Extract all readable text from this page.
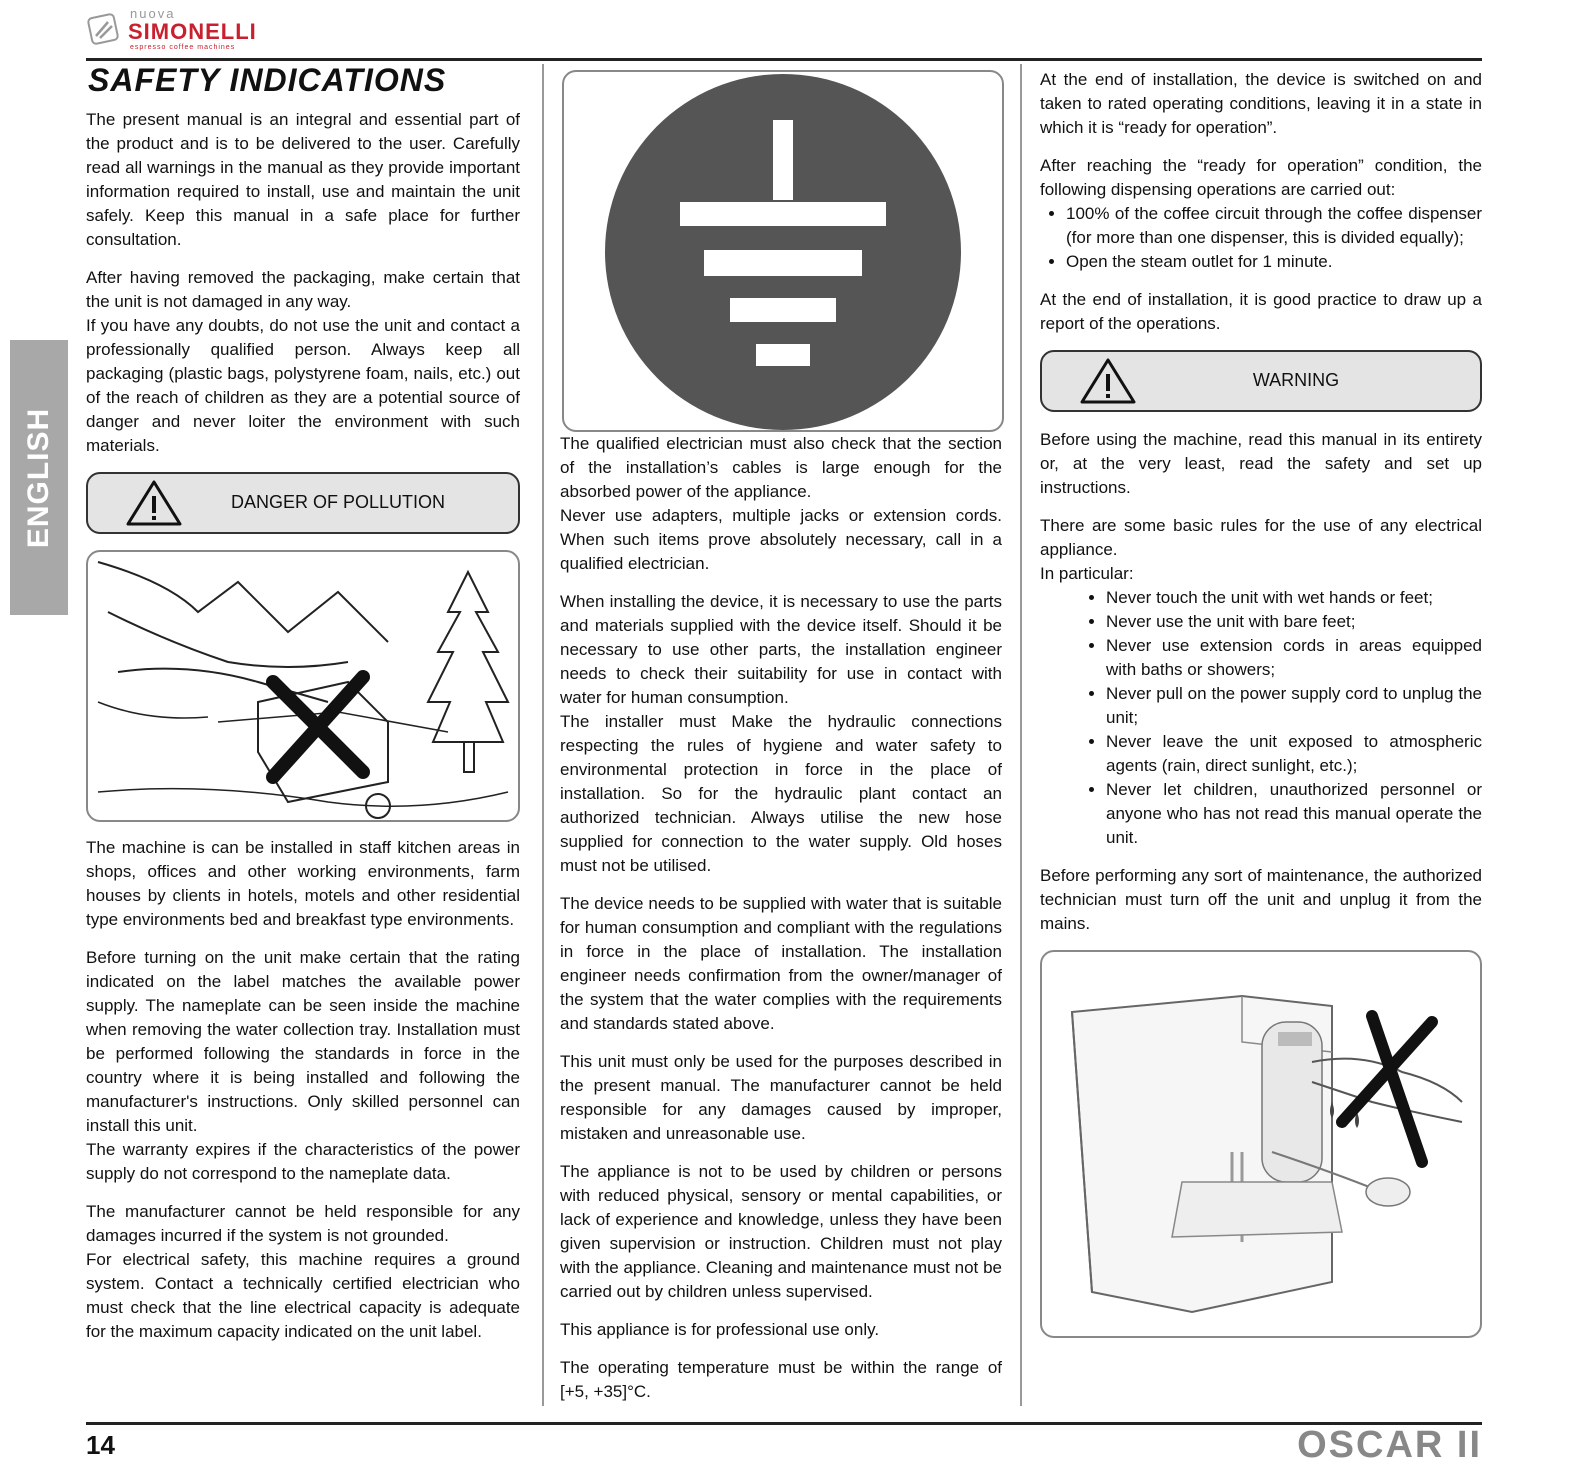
nuova
SIMONELLI
espresso coffee machines
ENGLISH
SAFETY INDICATIONS

The present manual is an integral and essential part of the product and is to be delivered to the user. Carefully read all warnings in the manual as they provide important information required to install, use and maintain the unit safely. Keep this manual in a safe place for further consultation.

After having removed the packaging, make certain that the unit is not damaged in any way.

If you have any doubts, do not use the unit and contact a professionally qualified person. Always keep all packaging (plastic bags, polystyrene foam, nails, etc.) out of the reach of children as they are a potential source of danger and never loiter the environment with such materials.

DANGER OF POLLUTION

The machine is can be installed in staff kitchen areas in shops, offices and other working environments, farm houses by clients in hotels, motels and other residential type environments bed and breakfast type environments.

Before turning on the unit make certain that the rating indicated on the label matches the available power supply. The nameplate can be seen inside the machine when removing the water collection tray. Installation must be performed following the standards in force in the country where it is being installed and following the manufacturer's instructions. Only skilled personnel can install this unit.

The warranty expires if the characteristics of the power supply do not correspond to the nameplate data.

The manufacturer cannot be held responsible for any damages incurred if the system is not grounded.

For electrical safety, this machine requires a ground system. Contact a technically certified electrician who must check that the line electrical capacity is adequate for the maximum capacity indicated on the unit label.

The qualified electrician must also check that the section of the installation’s cables is large enough for the absorbed power of the appliance.

Never use adapters, multiple jacks or extension cords. When such items prove absolutely necessary, call in a qualified electrician.

When installing the device, it is necessary to use the parts and materials supplied with the device itself. Should it be necessary to use other parts, the installation engineer needs to check their suitability for use in contact with water for human consumption.

The installer must Make the hydraulic connections respecting the rules of hygiene and water safety to environmental protection in force in the place of installation. So for the hydraulic plant contact an authorized technician. Always utilise the new hose supplied for connection to the water supply. Old hoses must not be utilised.

The device needs to be supplied with water that is suitable for human consumption and compliant with the regulations in force in the place of installation. The installation engineer needs confirmation from the owner/manager of the system that the water complies with the requirements and standards stated above.

This unit must only be used for the purposes described in the present manual. The manufacturer cannot be held responsible for any damages caused by improper, mistaken and unreasonable use.

The appliance is not to be used by children or persons with reduced physical, sensory or mental capabilities, or lack of experience and knowledge, unless they have been given supervision or instruction. Children must not play with the appliance. Cleaning and maintenance must not be carried out by children unless supervised.

This appliance is for professional use only.

The operating temperature must be within the range of [+5, +35]°C.

At the end of installation, the device is switched on and taken to rated operating conditions, leaving it in a state in which it is “ready for operation”.

After reaching the “ready for operation” condition, the following dispensing operations are carried out:

• 100% of the coffee circuit through the coffee dispenser (for more than one dispenser, this is divided equally);
• Open the steam outlet for 1 minute.

At the end of installation, it is good practice to draw up a report of the operations.

WARNING

Before using the machine, read this manual in its entirety or, at the very least, read the safety and set up instructions.

There are some basic rules for the use of any electrical appliance.

In particular:

• Never touch the unit with wet hands or feet;
• Never use the unit with bare feet;
• Never use extension cords in areas equipped with baths or showers;
• Never pull on the power supply cord to unplug the unit;
• Never leave the unit exposed to atmospheric agents (rain, direct sunlight, etc.);
• Never let children, unauthorized personnel or anyone who has not read this manual operate the unit.

Before performing any sort of maintenance, the authorized technician must turn off the unit and unplug it from the mains.

14	OSCAR II
